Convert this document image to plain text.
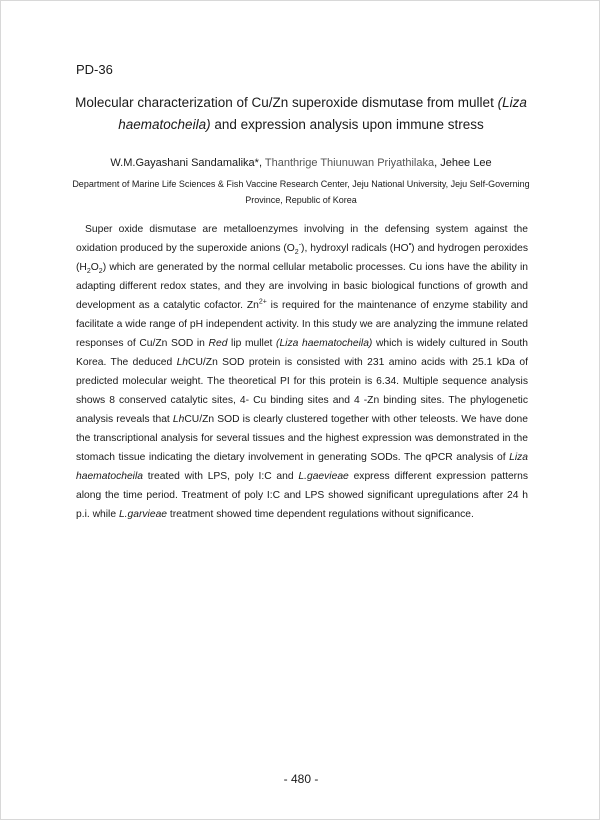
PD-36
Molecular characterization of Cu/Zn superoxide dismutase from mullet (Liza haematocheila) and expression analysis upon immune stress
W.M.Gayashani Sandamalika*, Thanthrige Thiunuwan Priyathilaka, Jehee Lee
Department of Marine Life Sciences & Fish Vaccine Research Center, Jeju National University, Jeju Self-Governing Province, Republic of Korea

Super oxide dismutase are metalloenzymes involving in the defensing system against the oxidation produced by the superoxide anions $(O_2^-)$, hydroxyl radicals (HO•) and hydrogen peroxides $(H_2O_2)$ which are generated by the normal cellular metabolic processes. Cu ions have the ability in adapting different redox states, and they are involving in basic biological functions of growth and development as a catalytic cofactor. $Zn^{2+}$ is required for the maintenance of enzyme stability and facilitate a wide range of pH independent activity. In this study we are analyzing the immune related responses of Cu/Zn SOD in Red lip mullet (Liza haematocheila) which is widely cultured in South Korea. The deduced LhCU/Zn SOD protein is consisted with 231 amino acids with 25.1 kDa of predicted molecular weight. The theoretical PI for this protein is 6.34. Multiple sequence analysis shows 8 conserved catalytic sites, 4- Cu binding sites and 4 -Zn binding sites. The phylogenetic analysis reveals that LhCU/Zn SOD is clearly clustered together with other teleosts. We have done the transcriptional analysis for several tissues and the highest expression was demonstrated in the stomach tissue indicating the dietary involvement in generating SODs. The qPCR analysis of Liza haematocheila treated with LPS, poly I:C and L.gaevieae express different expression patterns along the time period. Treatment of poly I:C and LPS showed significant upregulations after 24 h p.i. while L.garvieae treatment showed time dependent regulations without significance.

- 480 -
